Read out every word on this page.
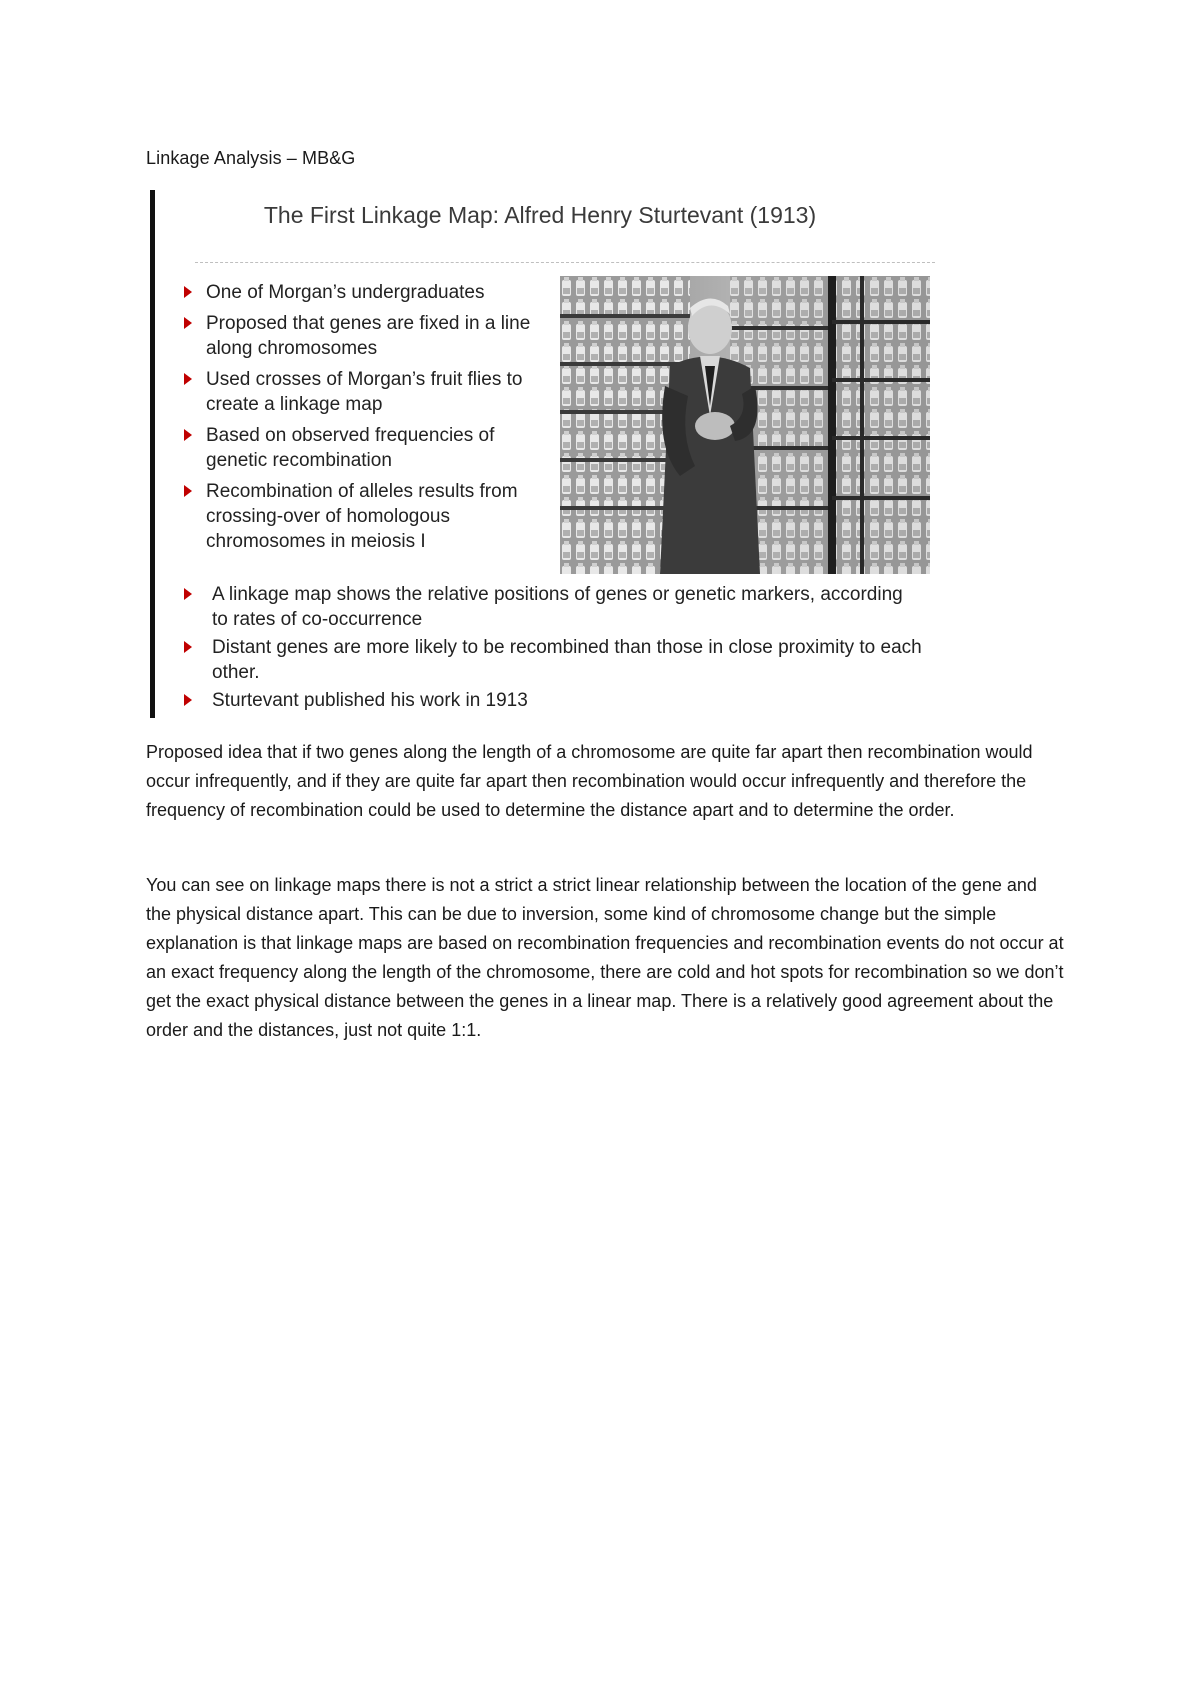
Linkage Analysis – MB&G
The First Linkage Map: Alfred Henry Sturtevant (1913)
One of Morgan’s undergraduates
Proposed that genes are fixed in a line along chromosomes
Used crosses of Morgan’s fruit flies to create a linkage map
Based on observed frequencies of genetic recombination
Recombination of alleles results from crossing-over of homologous chromosomes in meiosis I
A linkage map shows the relative positions of genes or genetic markers, according to rates of co-occurrence
Distant genes are more likely to be recombined than those in close proximity to each other.
Sturtevant published his work in 1913

Proposed idea that if two genes along the length of a chromosome are quite far apart then recombination would occur infrequently, and if they are quite far apart then recombination would occur infrequently and therefore the frequency of recombination could be used to determine the distance apart and to determine the order.

You can see on linkage maps there is not a strict a strict linear relationship between the location of the gene and the physical distance apart. This can be due to inversion, some kind of chromosome change but the simple explanation is that linkage maps are based on recombination frequencies and recombination events do not occur at an exact frequency along the length of the chromosome, there are cold and hot spots for recombination so we don’t get the exact physical distance between the genes in a linear map. There is a relatively good agreement about the order and the distances, just not quite 1:1.
